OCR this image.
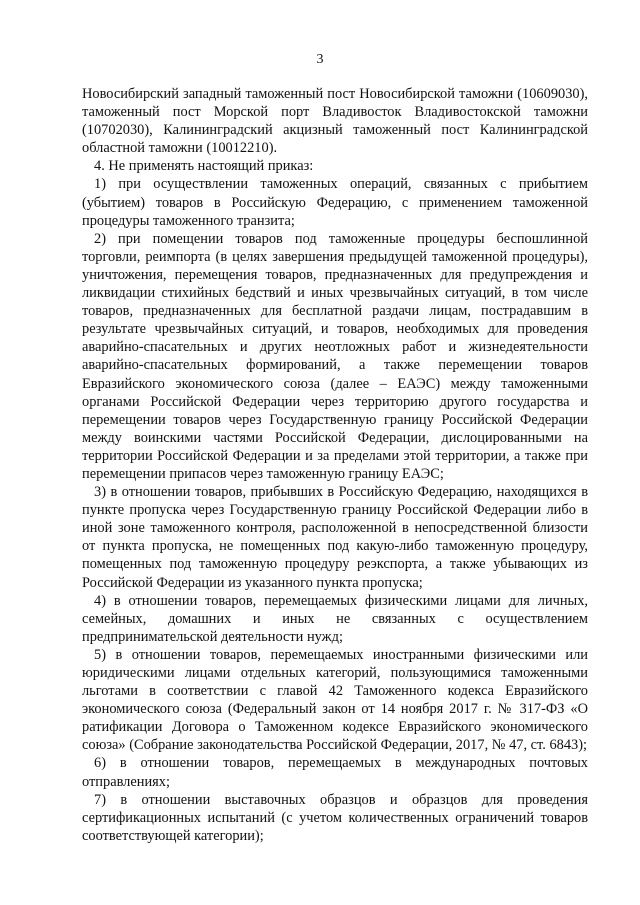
3

Новосибирский западный таможенный пост Новосибирской таможни (10609030), таможенный пост Морской порт Владивосток Владивостокской таможни (10702030), Калининградский акцизный таможенный пост Калининградской областной таможни (10012210).

4. Не применять настоящий приказ:

1) при осуществлении таможенных операций, связанных с прибытием (убытием) товаров в Российскую Федерацию, с применением таможенной процедуры таможенного транзита;

2) при помещении товаров под таможенные процедуры беспошлинной торговли, реимпорта (в целях завершения предыдущей таможенной процедуры), уничтожения, перемещения товаров, предназначенных для предупреждения и ликвидации стихийных бедствий и иных чрезвычайных ситуаций, в том числе товаров, предназначенных для бесплатной раздачи лицам, пострадавшим в результате чрезвычайных ситуаций, и товаров, необходимых для проведения аварийно-спасательных и других неотложных работ и жизнедеятельности аварийно-спасательных формирований, а также перемещении товаров Евразийского экономического союза (далее – ЕАЭС) между таможенными органами Российской Федерации через территорию другого государства и перемещении товаров через Государственную границу Российской Федерации между воинскими частями Российской Федерации, дислоцированными на территории Российской Федерации и за пределами этой территории, а также при перемещении припасов через таможенную границу ЕАЭС;

3) в отношении товаров, прибывших в Российскую Федерацию, находящихся в пункте пропуска через Государственную границу Российской Федерации либо в иной зоне таможенного контроля, расположенной в непосредственной близости от пункта пропуска, не помещенных под какую-либо таможенную процедуру, помещенных под таможенную процедуру реэкспорта, а также убывающих из Российской Федерации из указанного пункта пропуска;

4) в отношении товаров, перемещаемых физическими лицами для личных, семейных, домашних и иных не связанных с осуществлением предпринимательской деятельности нужд;

5) в отношении товаров, перемещаемых иностранными физическими или юридическими лицами отдельных категорий, пользующимися таможенными льготами в соответствии с главой 42 Таможенного кодекса Евразийского экономического союза (Федеральный закон от 14 ноября 2017 г. № 317-ФЗ «О ратификации Договора о Таможенном кодексе Евразийского экономического союза» (Собрание законодательства Российской Федерации, 2017, № 47, ст. 6843);

6) в отношении товаров, перемещаемых в международных почтовых отправлениях;

7) в отношении выставочных образцов и образцов для проведения сертификационных испытаний (с учетом количественных ограничений товаров соответствующей категории);
